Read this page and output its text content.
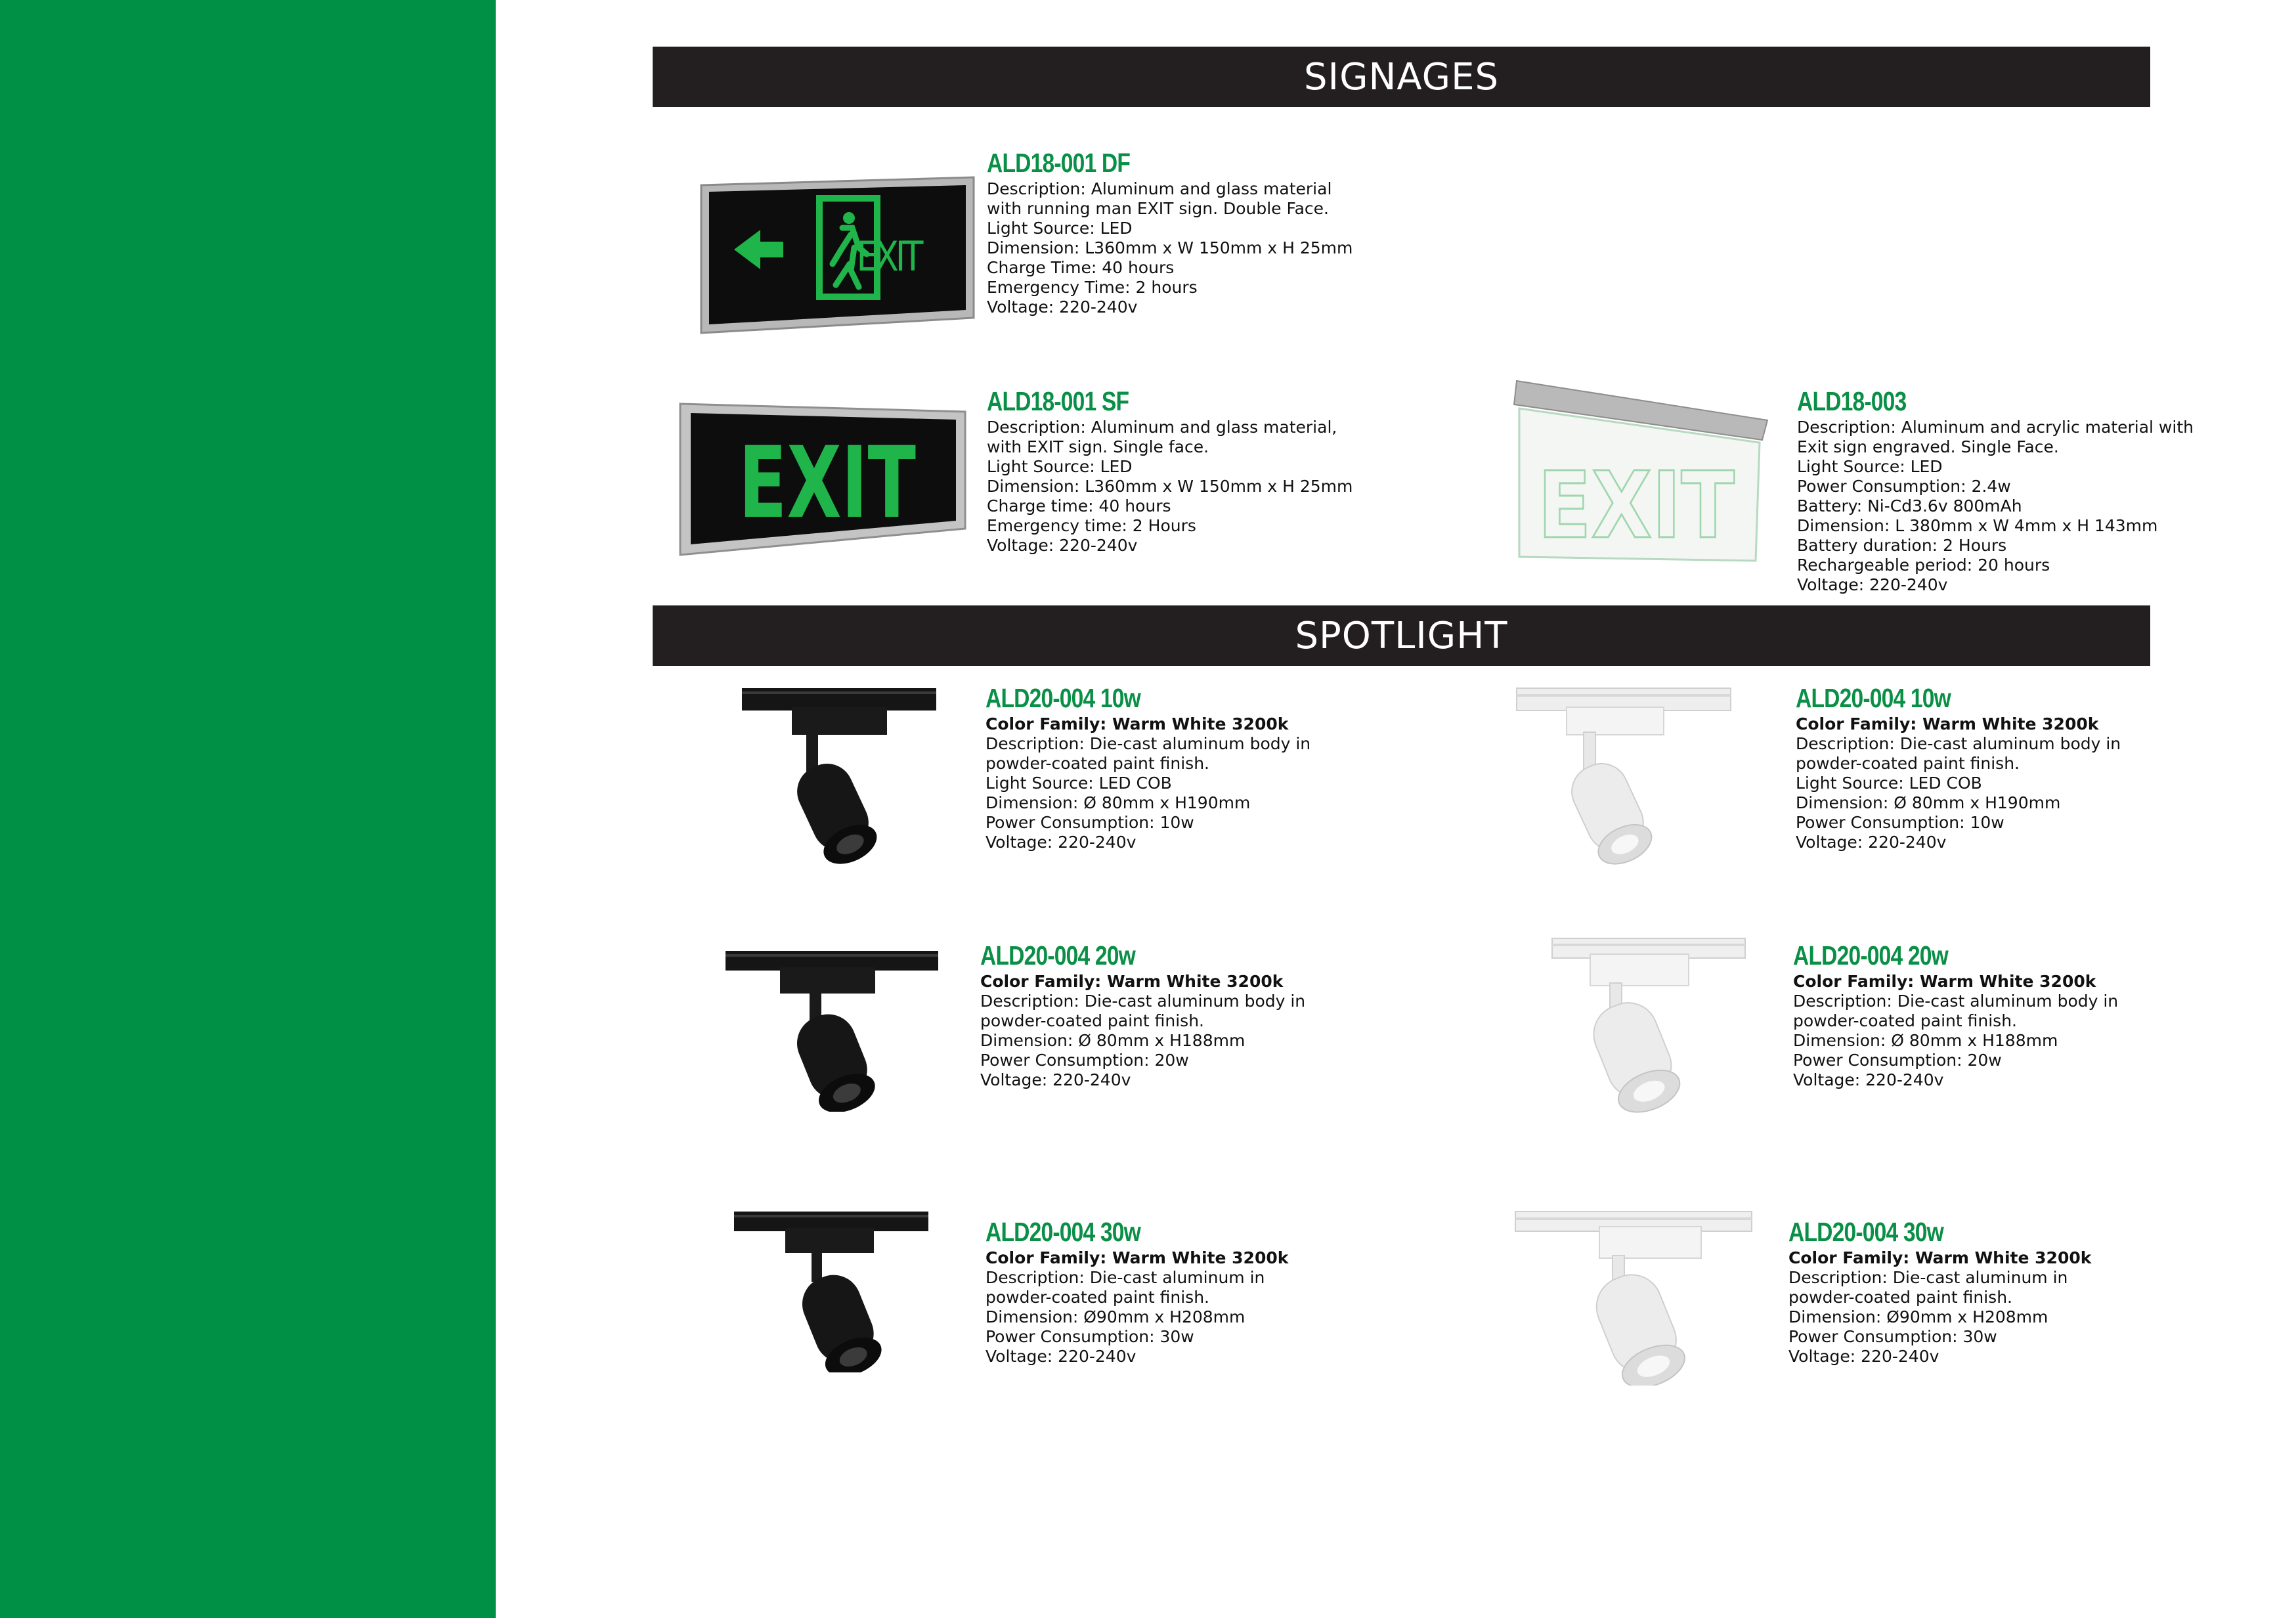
SIGNAGES
SPOTLIGHT
EXIT
EXIT	EXIT
ALD18-001 DF
Description: Aluminum and glass material
with running man EXIT sign. Double Face.
Light Source: LED
Dimension: L360mm x W 150mm x H 25mm
Charge Time: 40 hours
Emergency Time: 2 hours
Voltage: 220-240v
ALD18-001 SF
Description: Aluminum and glass material,
with EXIT sign. Single face.
Light Source: LED
Dimension: L360mm x W 150mm x H 25mm
Charge time: 40 hours
Emergency time: 2 Hours
Voltage: 220-240v
ALD18-003
Description: Aluminum and acrylic material with
Exit sign engraved. Single Face.
Light Source: LED
Power Consumption: 2.4w
Battery: Ni-Cd3.6v 800mAh
Dimension: L 380mm x W 4mm x H 143mm
Battery duration: 2 Hours
Rechargeable period: 20 hours
Voltage: 220-240v
ALD20-004 10w
Color Family: Warm White 3200k
Description: Die-cast aluminum body in
powder-coated paint finish.
Light Source: LED COB
Dimension: Ø 80mm x H190mm
Power Consumption: 10w
Voltage: 220-240v
ALD20-004 10w
Color Family: Warm White 3200k
Description: Die-cast aluminum body in
powder-coated paint finish.
Light Source: LED COB
Dimension: Ø 80mm x H190mm
Power Consumption: 10w
Voltage: 220-240v
ALD20-004 20w
Color Family: Warm White 3200k
Description: Die-cast aluminum body in
powder-coated paint finish.
Dimension: Ø 80mm x H188mm
Power Consumption: 20w
Voltage: 220-240v
ALD20-004 20w
Color Family: Warm White 3200k
Description: Die-cast aluminum body in
powder-coated paint finish.
Dimension: Ø 80mm x H188mm
Power Consumption: 20w
Voltage: 220-240v
ALD20-004 30w
Color Family: Warm White 3200k
Description: Die-cast aluminum in
powder-coated paint finish.
Dimension: Ø90mm x H208mm
Power Consumption: 30w
Voltage: 220-240v
ALD20-004 30w
Color Family: Warm White 3200k
Description: Die-cast aluminum in
powder-coated paint finish.
Dimension: Ø90mm x H208mm
Power Consumption: 30w
Voltage: 220-240v
